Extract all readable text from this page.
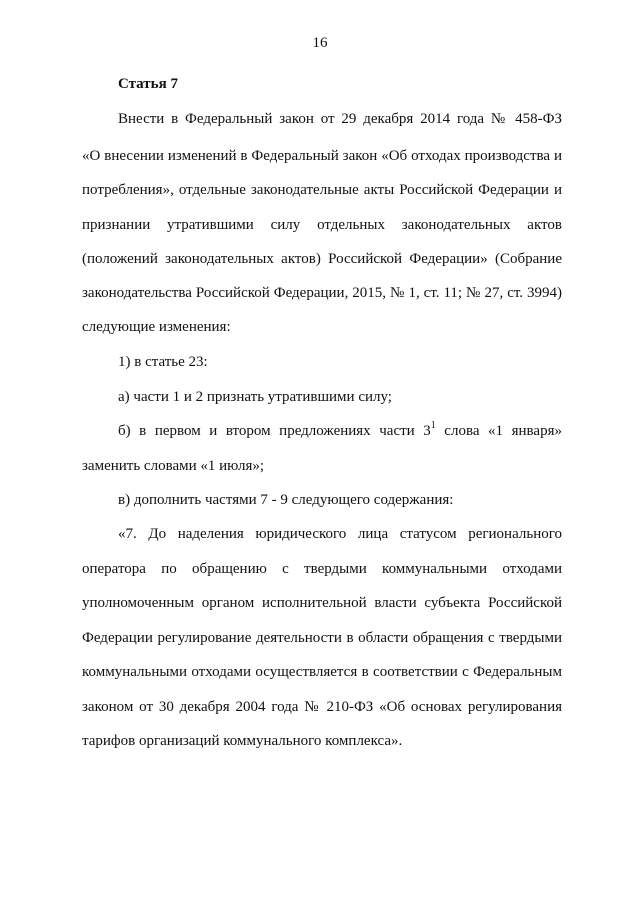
16
Статья 7
Внести в Федеральный закон от 29 декабря 2014 года № 458-ФЗ
«О внесении изменений в Федеральный закон «Об отходах производства и
потребления», отдельные законодательные акты Российской Федерации и
признании утратившими силу отдельных законодательных актов
(положений законодательных актов) Российской Федерации» (Собрание
законодательства Российской Федерации, 2015, № 1, ст. 11; № 27, ст. 3994)
следующие изменения:
1) в статье 23:
а) части 1 и 2 признать утратившими силу;
б) в первом и втором предложениях части $3^1$ слова «1 января»
заменить словами «1 июля»;
в) дополнить частями 7 - 9 следующего содержания:
«7. До наделения юридического лица статусом регионального
оператора по обращению с твердыми коммунальными отходами
уполномоченным органом исполнительной власти субъекта Российской
Федерации регулирование деятельности в области обращения с твердыми
коммунальными отходами осуществляется в соответствии с Федеральным
законом от 30 декабря 2004 года № 210-ФЗ «Об основах регулирования
тарифов организаций коммунального комплекса».
